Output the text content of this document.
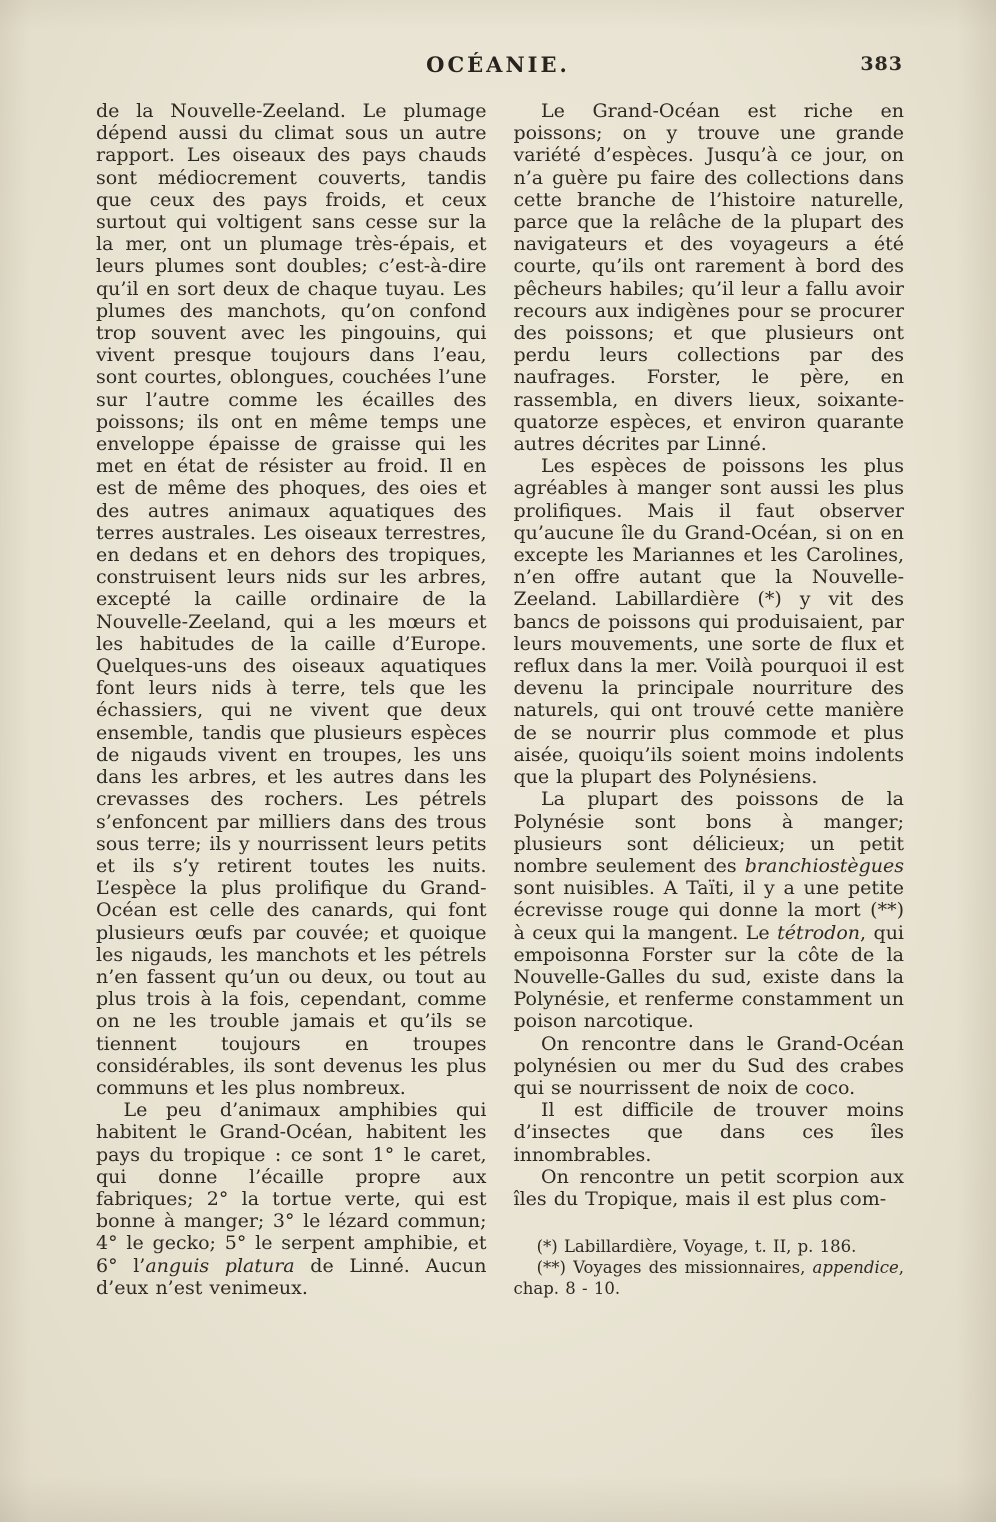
OCÉANIE.	383

de la Nouvelle-Zeeland. Le plumage dépend aussi du climat sous un autre rapport. Les oiseaux des pays chauds sont médiocrement couverts, tandis que ceux des pays froids, et ceux surtout qui voltigent sans cesse sur la la mer, ont un plumage très-épais, et leurs plumes sont doubles; c’est-à-dire qu’il en sort deux de chaque tuyau. Les plumes des manchots, qu’on confond trop souvent avec les pingouins, qui vivent presque toujours dans l’eau, sont courtes, oblongues, couchées l’une sur l’autre comme les écailles des poissons; ils ont en même temps une enveloppe épaisse de graisse qui les met en état de résister au froid. Il en est de même des phoques, des oies et des autres animaux aquatiques des terres australes. Les oiseaux terrestres, en dedans et en dehors des tropiques, construisent leurs nids sur les arbres, excepté la caille ordinaire de la Nouvelle-Zeeland, qui a les mœurs et les habitudes de la caille d’Europe. Quelques-uns des oiseaux aquatiques font leurs nids à terre, tels que les échassiers, qui ne vivent que deux ensemble, tandis que plusieurs espèces de nigauds vivent en troupes, les uns dans les arbres, et les autres dans les crevasses des rochers. Les pétrels s’enfoncent par milliers dans des trous sous terre; ils y nourrissent leurs petits et ils s’y retirent toutes les nuits. L’espèce la plus prolifique du Grand-Océan est celle des canards, qui font plusieurs œufs par couvée; et quoique les nigauds, les manchots et les pétrels n’en fassent qu’un ou deux, ou tout au plus trois à la fois, cependant, comme on ne les trouble jamais et qu’ils se tiennent toujours en troupes considérables, ils sont devenus les plus communs et les plus nombreux.

Le peu d’animaux amphibies qui habitent le Grand-Océan, habitent les pays du tropique : ce sont 1° le caret, qui donne l’écaille propre aux fabriques; 2° la tortue verte, qui est bonne à manger; 3° le lézard commun; 4° le gecko; 5° le serpent amphibie, et 6° l’anguis platura de Linné. Aucun d’eux n’est venimeux.

Le Grand-Océan est riche en poissons; on y trouve une grande variété d’espèces. Jusqu’à ce jour, on n’a guère pu faire des collections dans cette branche de l’histoire naturelle, parce que la relâche de la plupart des navigateurs et des voyageurs a été courte, qu’ils ont rarement à bord des pêcheurs habiles; qu’il leur a fallu avoir recours aux indigènes pour se procurer des poissons; et que plusieurs ont perdu leurs collections par des naufrages. Forster, le père, en rassembla, en divers lieux, soixante-quatorze espèces, et environ quarante autres décrites par Linné.

Les espèces de poissons les plus agréables à manger sont aussi les plus prolifiques. Mais il faut observer qu’aucune île du Grand-Océan, si on en excepte les Mariannes et les Carolines, n’en offre autant que la Nouvelle-Zeeland. Labillardière (*) y vit des bancs de poissons qui produisaient, par leurs mouvements, une sorte de flux et reflux dans la mer. Voilà pourquoi il est devenu la principale nourriture des naturels, qui ont trouvé cette manière de se nourrir plus commode et plus aisée, quoiqu’ils soient moins indolents que la plupart des Polynésiens.

La plupart des poissons de la Polynésie sont bons à manger; plusieurs sont délicieux; un petit nombre seulement des branchiostègues sont nuisibles. A Taïti, il y a une petite écrevisse rouge qui donne la mort (**) à ceux qui la mangent. Le tétrodon, qui empoisonna Forster sur la côte de la Nouvelle-Galles du sud, existe dans la Polynésie, et renferme constamment un poison narcotique.

On rencontre dans le Grand-Océan polynésien ou mer du Sud des crabes qui se nourrissent de noix de coco.

Il est difficile de trouver moins d’insectes que dans ces îles innombrables.

On rencontre un petit scorpion aux îles du Tropique, mais il est plus com-

(*) Labillardière, Voyage, t. II, p. 186.

(**) Voyages des missionnaires, appendice, chap. 8 - 10.
